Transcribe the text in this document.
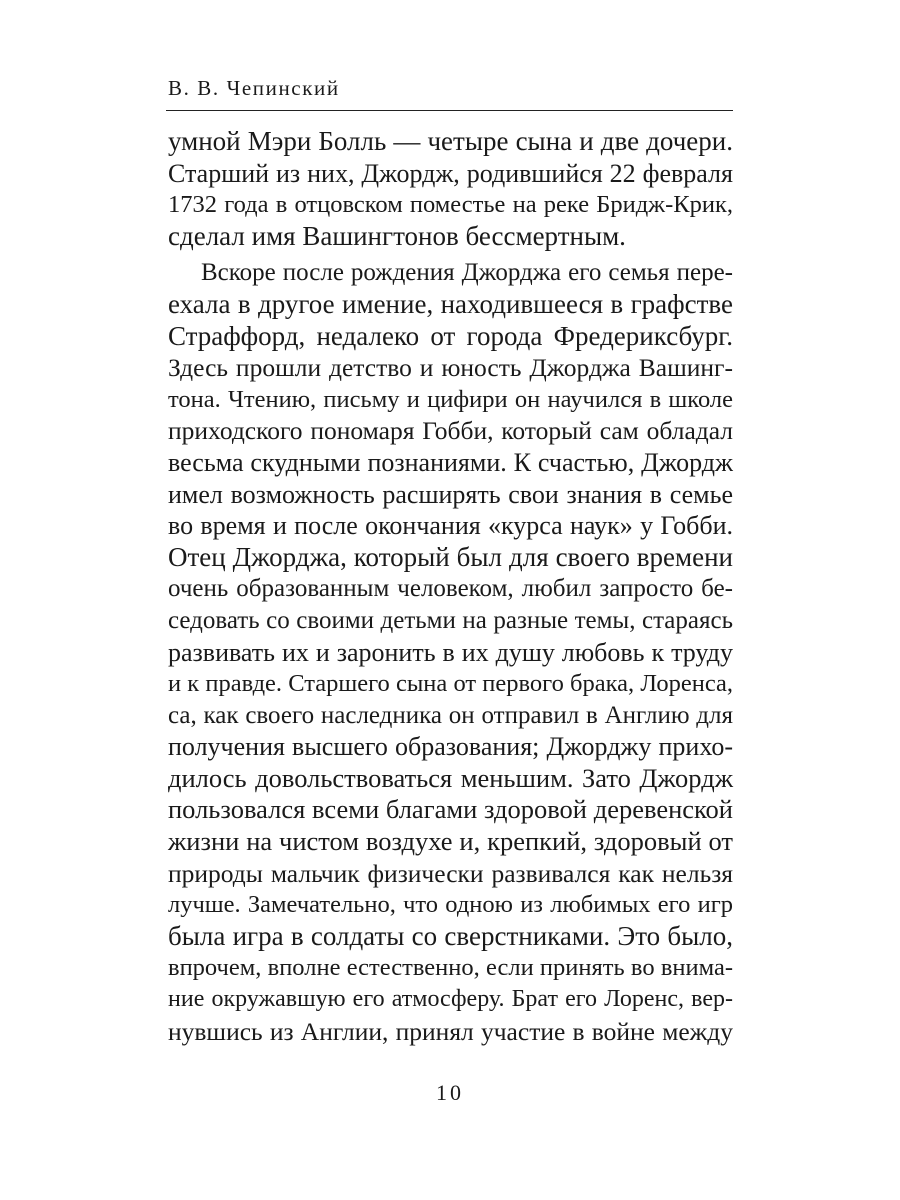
В. В. Чепинский
умной Мэри Болль — четыре сына и две дочери.
Старший из них, Джордж, родившийся 22 февраля
1732 года в отцовском поместье на реке Бридж-Крик,
сделал имя Вашингтонов бессмертным.
Вскоре после рождения Джорджа его семья пере-
ехала в другое имение, находившееся в графстве
Страффорд, недалеко от города Фредериксбург.
Здесь прошли детство и юность Джорджа Вашинг-
тона. Чтению, письму и цифири он научился в школе
приходского пономаря Гобби, который сам обладал
весьма скудными познаниями. К счастью, Джордж
имел возможность расширять свои знания в семье
во время и после окончания «курса наук» у Гобби.
Отец Джорджа, который был для своего времени
очень образованным человеком, любил запросто бе-
седовать со своими детьми на разные темы, стараясь
развивать их и заронить в их душу любовь к труду
и к правде. Старшего сына от первого брака, Лоренса,
са, как своего наследника он отправил в Англию для
получения высшего образования; Джорджу прихо-
дилось довольствоваться меньшим. Зато Джордж
пользовался всеми благами здоровой деревенской
жизни на чистом воздухе и, крепкий, здоровый от
природы мальчик физически развивался как нельзя
лучше. Замечательно, что одною из любимых его игр
была игра в солдаты со сверстниками. Это было,
впрочем, вполне естественно, если принять во внима-
ние окружавшую его атмосферу. Брат его Лоренс, вер-
нувшись из Англии, принял участие в войне между
10
